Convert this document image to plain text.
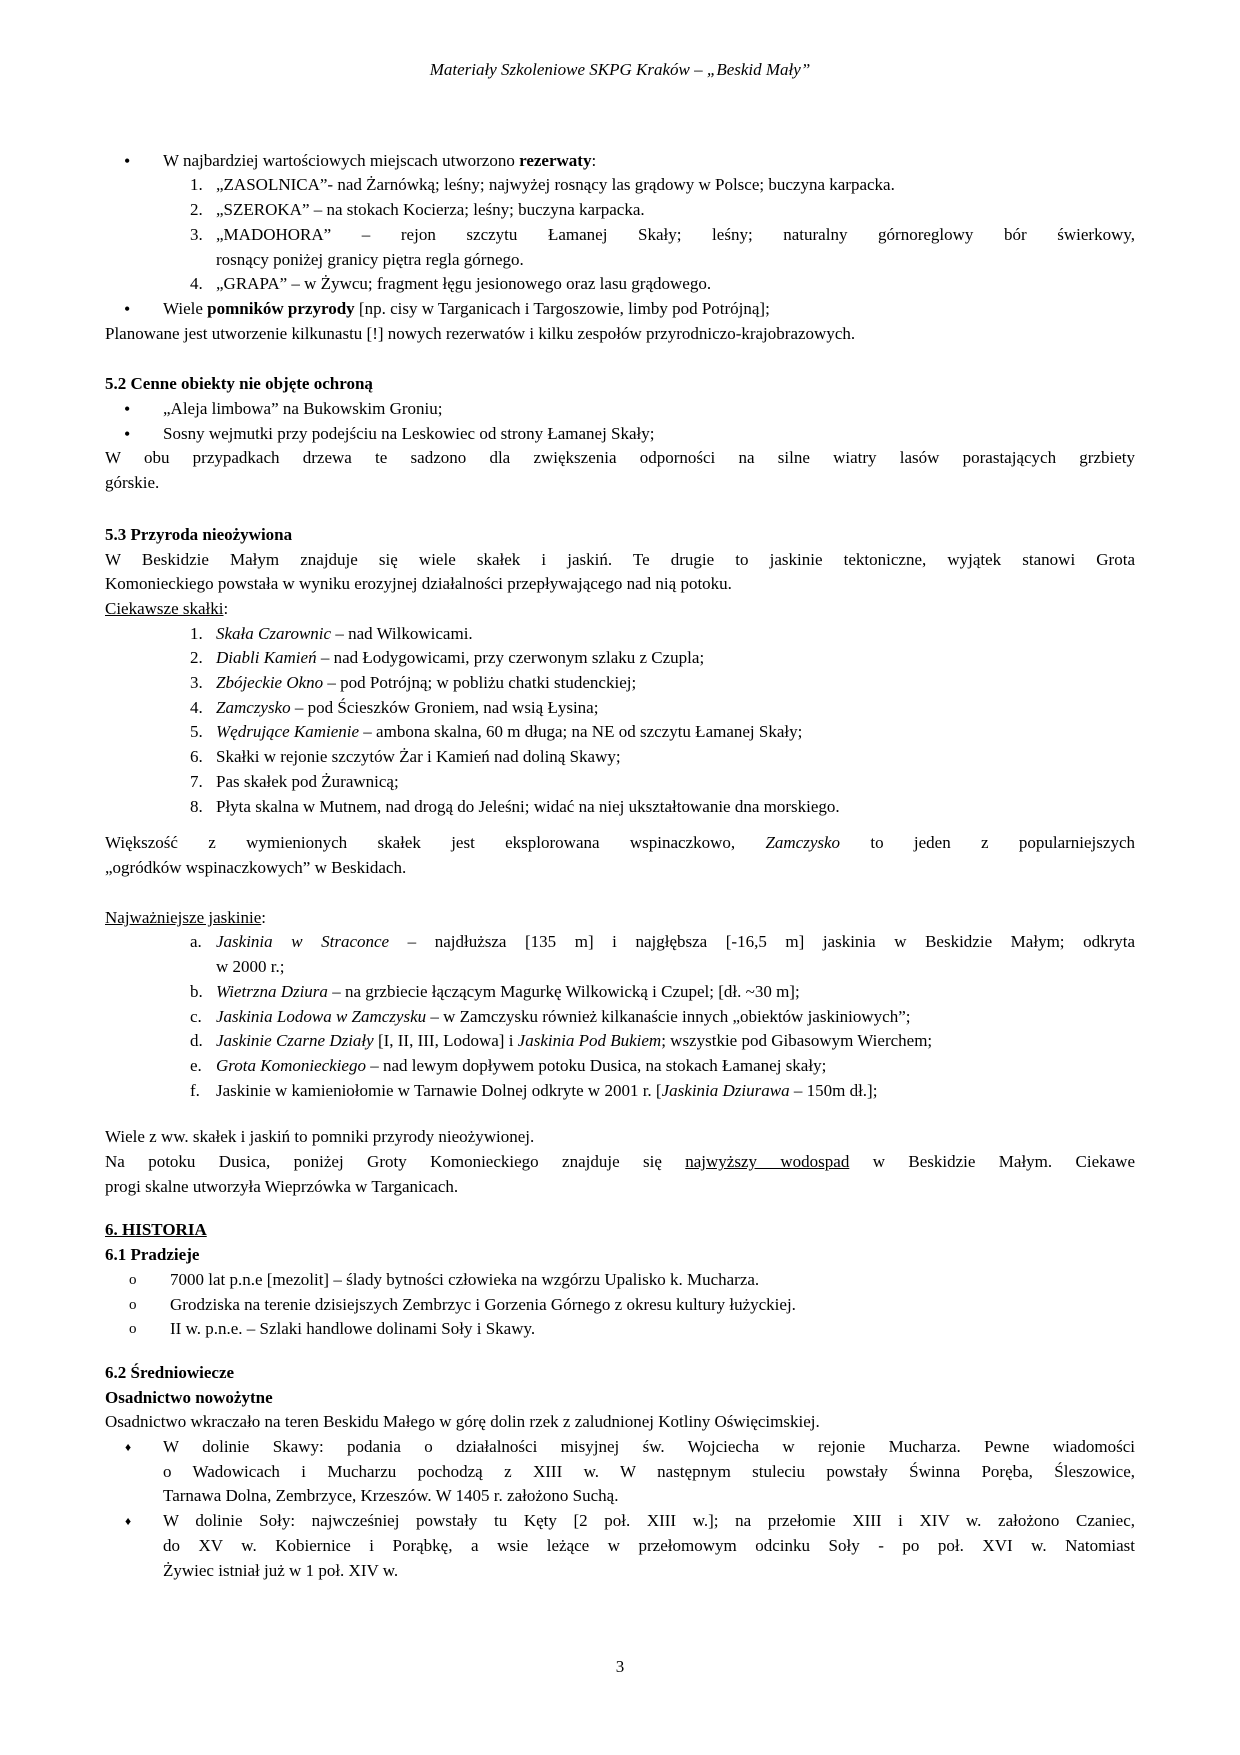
Materiały Szkoleniowe SKPG Kraków – „Beskid Mały”
• W najbardziej wartościowych miejscach utworzono rezerwaty:
1. „ZASOLNICA”- nad Żarnówką; leśny; najwyżej rosnący las grądowy w Polsce; buczyna karpacka.
2. „SZEROKA” – na stokach Kocierza; leśny; buczyna karpacka.
3. „MADOHORA” – rejon szczytu Łamanej Skały; leśny; naturalny górnoreglowy bór świerkowy,
rosnący poniżej granicy piętra regla górnego.
4. „GRAPA” – w Żywcu; fragment łęgu jesionowego oraz lasu grądowego.
• Wiele pomników przyrody [np. cisy w Targanicach i Targoszowie, limby pod Potrójną];
Planowane jest utworzenie kilkunastu [!] nowych rezerwatów i kilku zespołów przyrodniczo-krajobrazowych.
5.2 Cenne obiekty nie objęte ochroną
• „Aleja limbowa” na Bukowskim Groniu;
• Sosny wejmutki przy podejściu na Leskowiec od strony Łamanej Skały;
W obu przypadkach drzewa te sadzono dla zwiększenia odporności na silne wiatry lasów porastających grzbiety
górskie.
5.3 Przyroda nieożywiona
W Beskidzie Małym znajduje się wiele skałek i jaskiń. Te drugie to jaskinie tektoniczne, wyjątek stanowi Grota
Komonieckiego powstała w wyniku erozyjnej działalności przepływającego nad nią potoku.
Ciekawsze skałki:
1. Skała Czarownic – nad Wilkowicami.
2. Diabli Kamień – nad Łodygowicami, przy czerwonym szlaku z Czupla;
3. Zbójeckie Okno – pod Potrójną; w pobliżu chatki studenckiej;
4. Zamczysko – pod Ścieszków Groniem, nad wsią Łysina;
5. Wędrujące Kamienie – ambona skalna, 60 m długa; na NE od szczytu Łamanej Skały;
6. Skałki w rejonie szczytów Żar i Kamień nad doliną Skawy;
7. Pas skałek pod Żurawnicą;
8. Płyta skalna w Mutnem, nad drogą do Jeleśni; widać na niej ukształtowanie dna morskiego.
Większość z wymienionych skałek jest eksplorowana wspinaczkowo, Zamczysko to jeden z popularniejszych
„ogródków wspinaczkowych” w Beskidach.
Najważniejsze jaskinie:
a. Jaskinia w Straconce – najdłuższa [135 m] i najgłębsza [-16,5 m] jaskinia w Beskidzie Małym; odkryta
w 2000 r.;
b. Wietrzna Dziura – na grzbiecie łączącym Magurkę Wilkowicką i Czupel; [dł. ~30 m];
c. Jaskinia Lodowa w Zamczysku – w Zamczysku również kilkanaście innych „obiektów jaskiniowych”;
d. Jaskinie Czarne Działy [I, II, III, Lodowa] i Jaskinia Pod Bukiem; wszystkie pod Gibasowym Wierchem;
e. Grota Komonieckiego – nad lewym dopływem potoku Dusica, na stokach Łamanej skały;
f. Jaskinie w kamieniołomie w Tarnawie Dolnej odkryte w 2001 r. [Jaskinia Dziurawa – 150m dł.];
Wiele z ww. skałek i jaskiń to pomniki przyrody nieożywionej.
Na potoku Dusica, poniżej Groty Komonieckiego znajduje się najwyższy wodospad w Beskidzie Małym. Ciekawe
progi skalne utworzyła Wieprzówka w Targanicach.
6. HISTORIA
6.1 Pradzieje
o 7000 lat p.n.e [mezolit] – ślady bytności człowieka na wzgórzu Upalisko k. Mucharza.
o Grodziska na terenie dzisiejszych Zembrzyc i Gorzenia Górnego z okresu kultury łużyckiej.
o II w. p.n.e. – Szlaki handlowe dolinami Soły i Skawy.
6.2 Średniowiecze
Osadnictwo nowożytne
Osadnictwo wkraczało na teren Beskidu Małego w górę dolin rzek z zaludnionej Kotliny Oświęcimskiej.
♦ W dolinie Skawy: podania o działalności misyjnej św. Wojciecha w rejonie Mucharza. Pewne wiadomości
o Wadowicach i Mucharzu pochodzą z XIII w. W następnym stuleciu powstały Świnna Poręba, Śleszowice,
Tarnawa Dolna, Zembrzyce, Krzeszów. W 1405 r. założono Suchą.
♦ W dolinie Soły: najwcześniej powstały tu Kęty [2 poł. XIII w.]; na przełomie XIII i XIV w. założono Czaniec,
do XV w. Kobiernice i Porąbkę, a wsie leżące w przełomowym odcinku Soły - po poł. XVI w. Natomiast
Żywiec istniał już w 1 poł. XIV w.
3
